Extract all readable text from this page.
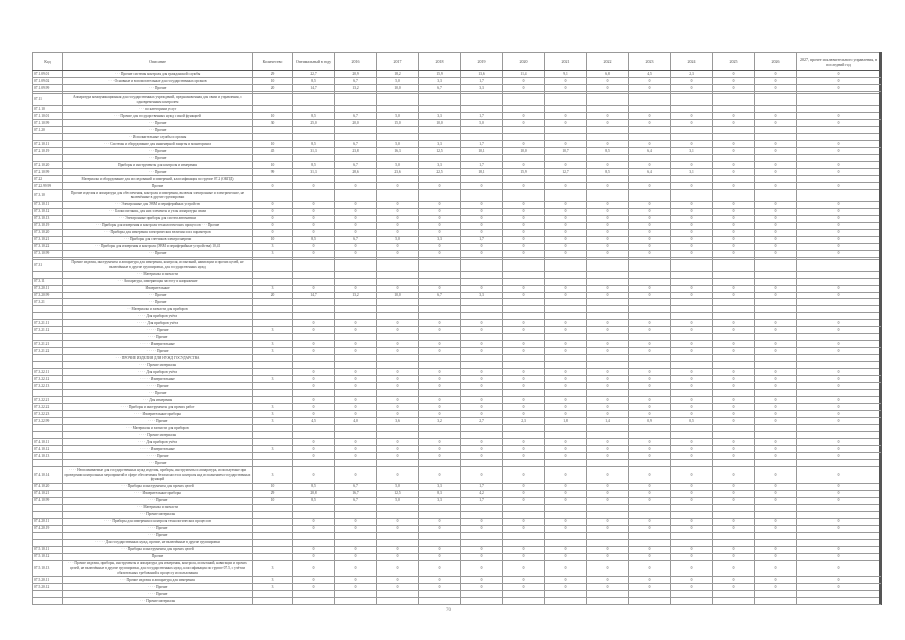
Код	Описание	Количество	Оптимальный в году	2016	2017	2018	2019	2020	2021	2022	2023	2024	2025	2026	2027, прочее исключительного управления, в последний год	
07.1.09.01	· · · Прочие системы контроля для гражданской службы	29	22,7	20,9	18,2	15,9	13,6	11,4	9,1	6,8	4,5	2,3	0	0	0	
07.1.09.02	· · · Основные и вспомогательные для государственных органов	10	8,5	6,7	5,0	3,3	1,7	0	0	0	0	0	0	0	0	
07.1.09.99	· · · Прочие	20	14,7	13,2	10,0	6,7	3,3	0	0	0	0	0	0	0	0	

07.11	Аппаратура коммуникационная для государственных учреждений, предназначенная для связи и управления, с одновременным контролем															
07.1.10	· · · по категориям услуг															
07.1.10.01	· · · Прочие для государственных нужд с иной функцией	10	8,5	6,7	5,0	3,3	1,7	0	0	0	0	0	0	0	0	
07.1.10.99	· · · Прочие	30	25,0	20,0	15,0	10,0	5,0	0	0	0	0	0	0	0	0	
07.1.20	· · · Прочие															
	· · Исполнительные службы и органы															
07.2.10.11	· · · Системы и оборудование для инженерной защиты и мониторинга	10	8,5	6,7	5,0	3,3	1,7	0	0	0	0	0	0	0	0	
07.2.10.19	· · · Прочие	45	31,3	23,8	16,3	12,5	10,1	10,0	10,7	8,5	6,4	3,1	0	0	0	
	· · · Прочие															
07.2.10.20	Приборы и инструменты для контроля и измерения	10	8,5	6,7	5,0	3,3	1,7	0	0	0	0	0	0	0	0	
07.2.10.99	· · · Прочие	99	31,3	28,6	23,6	22,5	18,1	15,9	12,7	8,5	6,4	3,1	0	0	0	
07.22	Материалы и оборудование для исследований и измерений, классификация по группе 07.2 (ОКПД)															
07.22.99.99	Прочие	0	0	0	0	0	0	0	0	0	0	0	0	0	0	
07.3.10	Прочие изделия и аппаратура для обеспечения, контроля и измерения, включая электронные и электрические, не включённые в другие группировки															
07.3.10.11	· · · Электронные для ЭВМ и периферийных устройств	0	0	0	0	0	0	0	0	0	0	0	0	0	0	
07.3.10.12	· · · Блоки питания, для них элементы и узлы аппаратуры связи	0	0	0	0	0	0	0	0	0	0	0	0	0	0	
07.3.10.13	· · · Электронные приборы для систем автоматики	0	0	0	0	0	0	0	0	0	0	0	0	0	0	
07.3.10.19	· · · Приборы для измерения и контроля технологических процессов · · · Прочие	0	0	0	0	0	0	0	0	0	0	0	0	0	0	
07.3.10.20	· · · Приборы для измерения электрических величин и их параметров	0	0	0	0	0	0	0	0	0	0	0	0	0	0	
07.3.10.21	· · · Приборы для счетчиков электроэнергии	10	8,5	6,7	5,0	3,3	1,7	0	0	0	0	0	0	0	0	
07.3.10.22	· · · Приборы для измерения и контроля (ЭВМ и периферийные устройства) 10,41	3	0	0	0	0	0	0	0	0	0	0	0	0	0	
07.3.10.99	· · · Прочие	3	0	0	0	0	0	0	0	0	0	0	0	0	0	

07.31	Прочие изделия, инструменты и аппаратура для измерения, контроля, испытаний, навигации и прочих целей, не включённые в другие группировки, для государственных нужд															
	· · · Материалы и запчасти															
07.3.11	· · · Аппаратура, измеряющая частоту и напряжение															
07.3.20.11	Измерительные	3	0	0	0	0	0	0	0	0	0	0	0	0	0	
07.3.20.99	· · · Прочие	20	14,7	13,2	10,0	6,7	3,3	0	0	0	0	0	0	0	0	
07.3.21	· · · Прочие															
	· · Материалы и запчасти для приборов															
	· · · · Для приборов учёта															
07.3.21.11	· · · · · Для приборов учёта		0	0	0	0	0	0	0	0	0	0	0	0	0	
07.3.21.12	· · · · · Прочие	3	0	0	0	0	0	0	0	0	0	0	0	0	0	
	· · · · Прочие															
07.3.21.21	· · · · · Измерительные	3	0	0	0	0	0	0	0	0	0	0	0	0	0	
07.3.21.22	· · · · · Прочие	3	0	0	0	0	0	0	0	0	0	0	0	0	0	
	· · · ПРОЧИЕ ИЗДЕЛИЯ ДЛЯ НУЖД ГОСУДАРСТВА															
	· · · · Прочие материалы															
07.3.22.11	· · · · Для приборов учёта		0	0	0	0	0	0	0	0	0	0	0	0	0	
07.3.22.12	· · · · · Измерительные	3	0	0	0	0	0	0	0	0	0	0	0	0	0	
07.3.22.13	· · · · · Прочие		0	0	0	0	0	0	0	0	0	0	0	0	0	
	· · · Прочие															
07.3.22.21	· · · Для измерения		0	0	0	0	0	0	0	0	0	0	0	0	0	
07.3.22.22	· · · · Приборы и инструменты для прочих работ	3	0	0	0	0	0	0	0	0	0	0	0	0	0	
07.3.22.23	· · · · Измерительные приборы	3	0	0	0	0	0	0	0	0	0	0	0	0	0	
07.3.22.99	· · · · Прочие	3	4,5	4,0	3,6	3,2	2,7	2,3	1,8	1,4	0,9	0,5	0	0	0	
	· · · Материалы и запчасти для приборов															
	· · · · Прочие материалы															
07.4.10.11	· · · · Для приборов учёта		0	0	0	0	0	0	0	0	0	0	0	0	0	
07.4.10.12	· · · · · Измерительные	3	0	0	0	0	0	0	0	0	0	0	0	0	0	
07.4.10.13	· · · · · Прочие		0	0	0	0	0	0	0	0	0	0	0	0	0	
	· · · Прочие															
07.4.10.14	· · · · Неоплачиваемые для государственных нужд изделия, приборы, инструменты и аппаратура, используемые при проведении контрольных мероприятий в сфере обеспечения безопасности и контроля над исполнением государственных функций	3	0	0	0	0	0	0	0	0	0	0	0	0	0	
07.4.10.20	· · · Приборы и инструменты для прочих целей	10	8,5	6,7	5,0	3,3	1,7	0	0	0	0	0	0	0	0	
07.4.10.21	· · · · Измерительные приборы	29	20,8	16,7	12,5	8,3	4,2	0	0	0	0	0	0	0	0	
07.4.10.99	· · · · Прочие	10	8,5	6,7	5,0	3,3	1,7	0	0	0	0	0	0	0	0	
	· · · Материалы и запчасти															
	· · · Прочие материалы															
07.4.20.11	· · · · Приборы для измерения и контроля технологических процессов		0	0	0	0	0	0	0	0	0	0	0	0	0	
07.4.20.19	· · · · Прочие		0	0	0	0	0	0	0	0	0	0	0	0	0	
	· · · · Прочие															
	· · · · · Для государственных нужд, прочие, не включённые в другие группировки															
07.5.10.11	· · · Приборы и инструменты для прочих целей		0	0	0	0	0	0	0	0	0	0	0	0	0	
07.5.10.12	Прочие		0	0	0	0	0	0	0	0	0	0	0	0	0	
07.5.10.13	· · · Прочие изделия, приборы, инструменты и аппаратура для измерения, контроля, испытаний, навигации и прочих целей, не включённые в другие группировки, для государственных нужд, классификация по группе 07.5, с учётом обязательных требований к процессу использования	3	0	0	0	0	0	0	0	0	0	0	0	0	0	
07.5.20.11	· · · Прочие изделия и аппаратура для измерения	3	0	0	0	0	0	0	0	0	0	0	0	0	0	
07.5.20.12	· · · · Прочие	3	0	0	0	0	0	0	0	0	0	0	0	0	0	
	· · · · Прочие															
	· · · Прочие материалы															
70
